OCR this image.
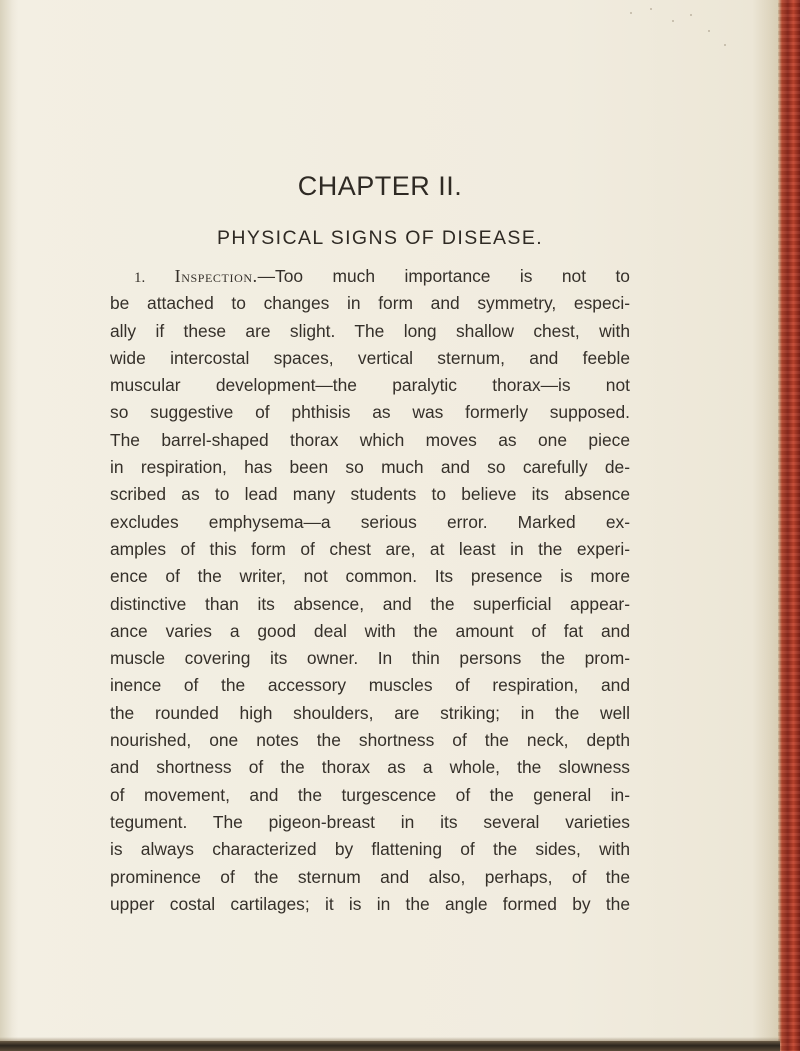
CHAPTER II.
PHYSICAL SIGNS OF DISEASE.
1. Inspection.—Too much importance is not to
be attached to changes in form and symmetry, especi-
ally if these are slight. The long shallow chest, with
wide intercostal spaces, vertical sternum, and feeble
muscular development—the paralytic thorax—is not
so suggestive of phthisis as was formerly supposed.
The barrel-shaped thorax which moves as one piece
in respiration, has been so much and so carefully de-
scribed as to lead many students to believe its absence
excludes emphysema—a serious error. Marked ex-
amples of this form of chest are, at least in the experi-
ence of the writer, not common. Its presence is more
distinctive than its absence, and the superficial appear-
ance varies a good deal with the amount of fat and
muscle covering its owner. In thin persons the prom-
inence of the accessory muscles of respiration, and
the rounded high shoulders, are striking; in the well
nourished, one notes the shortness of the neck, depth
and shortness of the thorax as a whole, the slowness
of movement, and the turgescence of the general in-
tegument. The pigeon-breast in its several varieties
is always characterized by flattening of the sides, with
prominence of the sternum and also, perhaps, of the
upper costal cartilages; it is in the angle formed by the
